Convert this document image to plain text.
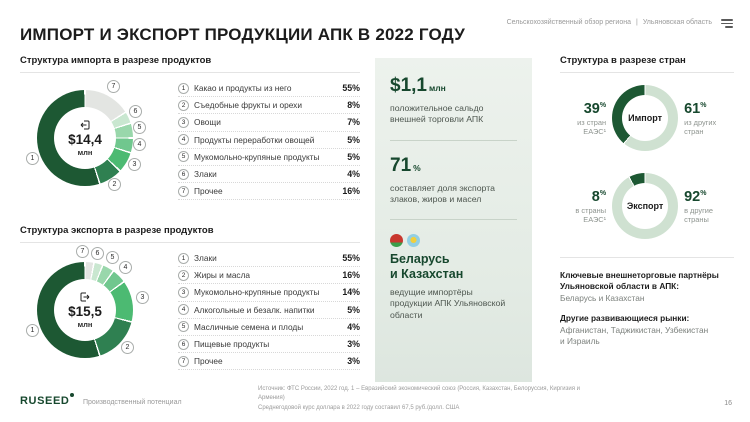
ИМПОРТ И ЭКСПОРТ ПРОДУКЦИИ АПК В 2022 ГОДУ
Сельскохозяйственный обзор региона | Ульяновская область
Структура импорта в разрезе продуктов
$14,4
млн
1
2
3
4
5
6
7	1	Какао и продукты из него	55%
2	Съедобные фрукты и орехи	8%
3	Овощи	7%
4	Продукты переработки овощей	5%
5	Мукомольно-крупяные продукты	5%
6	Злаки	4%
7	Прочее	16%
Структура экспорта в разрезе продуктов
$15,5
млн
1
2
3
4
5
6
7
1	Злаки	55%
2	Жиры и масла	16%
3	Мукомольно-крупяные продукты	14%
4	Алкогольные и безалк. напитки	5%
5	Масличные семена и плоды	4%
6	Пищевые продукты	3%
7	Прочее	3%
$1,1 млн
положительное сальдо внешней торговли АПК
71 %
составляет доля экспорта злаков, жиров и масел
Беларусь
и Казахстан
ведущие импортёры продукции АПК Ульяновской области
Структура в разрезе стран
39%
из стран
ЕАЭС¹
Импорт
61%
из других
стран
8%
в страны
ЕАЭС¹
Экспорт
92%
в другие
страны
Ключевые внешнеторговые партнёры
Ульяновской области в АПК:
Беларусь и Казахстан
Другие развивающиеся рынки:
Афганистан, Таджикистан, Узбекистан
и Израиль
RUSEED	Производственный потенциал
Источник: ФТС России, 2022 год. 1 – Евразийский экономический союз (Россия, Казахстан, Белоруссия, Киргизия и Армения)
Среднегодовой курс доллара в 2022 году составил 67,5 руб./долл. США
16
